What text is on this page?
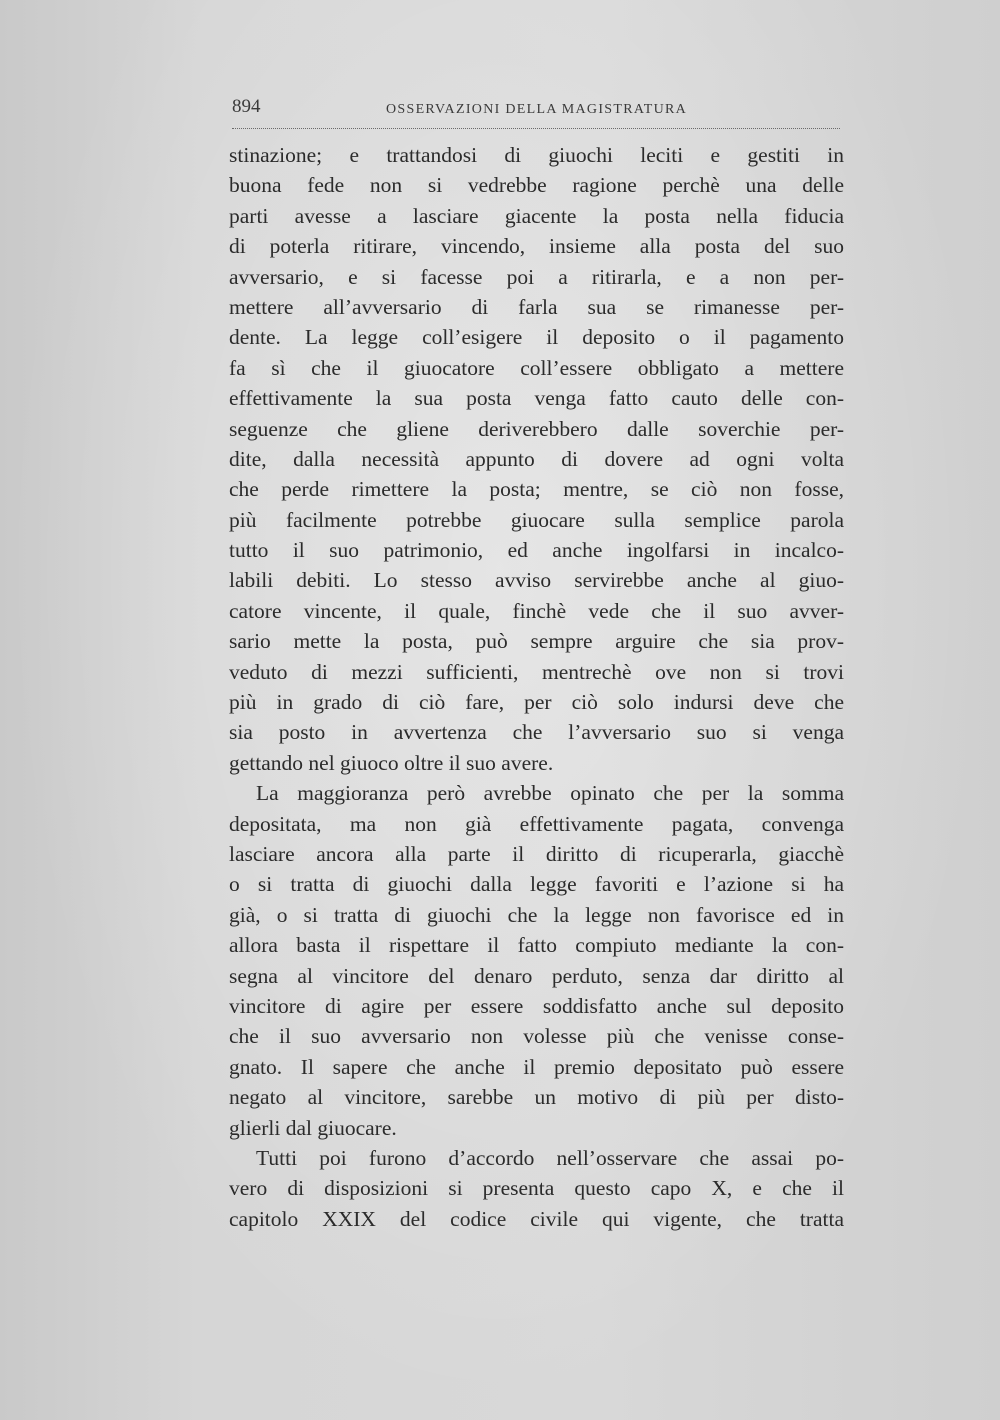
894	OSSERVAZIONI DELLA MAGISTRATURA
stinazione; e trattandosi di giuochi leciti e gestiti in
buona fede non si vedrebbe ragione perchè una delle
parti avesse a lasciare giacente la posta nella fiducia
di poterla ritirare, vincendo, insieme alla posta del suo
avversario, e si facesse poi a ritirarla, e a non per-
mettere all’avversario di farla sua se rimanesse per-
dente. La legge coll’esigere il deposito o il pagamento
fa sì che il giuocatore coll’essere obbligato a mettere
effettivamente la sua posta venga fatto cauto delle con-
seguenze che gliene deriverebbero dalle soverchie per-
dite, dalla necessità appunto di dovere ad ogni volta
che perde rimettere la posta; mentre, se ciò non fosse,
più facilmente potrebbe giuocare sulla semplice parola
tutto il suo patrimonio, ed anche ingolfarsi in incalco-
labili debiti. Lo stesso avviso servirebbe anche al giuo-
catore vincente, il quale, finchè vede che il suo avver-
sario mette la posta, può sempre arguire che sia prov-
veduto di mezzi sufficienti, mentrechè ove non si trovi
più in grado di ciò fare, per ciò solo indursi deve che
sia posto in avvertenza che l’avversario suo si venga
gettando nel giuoco oltre il suo avere.
La maggioranza però avrebbe opinato che per la somma
depositata, ma non già effettivamente pagata, convenga
lasciare ancora alla parte il diritto di ricuperarla, giacchè
o si tratta di giuochi dalla legge favoriti e l’azione si ha
già, o si tratta di giuochi che la legge non favorisce ed in
allora basta il rispettare il fatto compiuto mediante la con-
segna al vincitore del denaro perduto, senza dar diritto al
vincitore di agire per essere soddisfatto anche sul deposito
che il suo avversario non volesse più che venisse conse-
gnato. Il sapere che anche il premio depositato può essere
negato al vincitore, sarebbe un motivo di più per disto-
glierli dal giuocare.
Tutti poi furono d’accordo nell’osservare che assai po-
vero di disposizioni si presenta questo capo X, e che il
capitolo XXIX del codice civile qui vigente, che tratta
